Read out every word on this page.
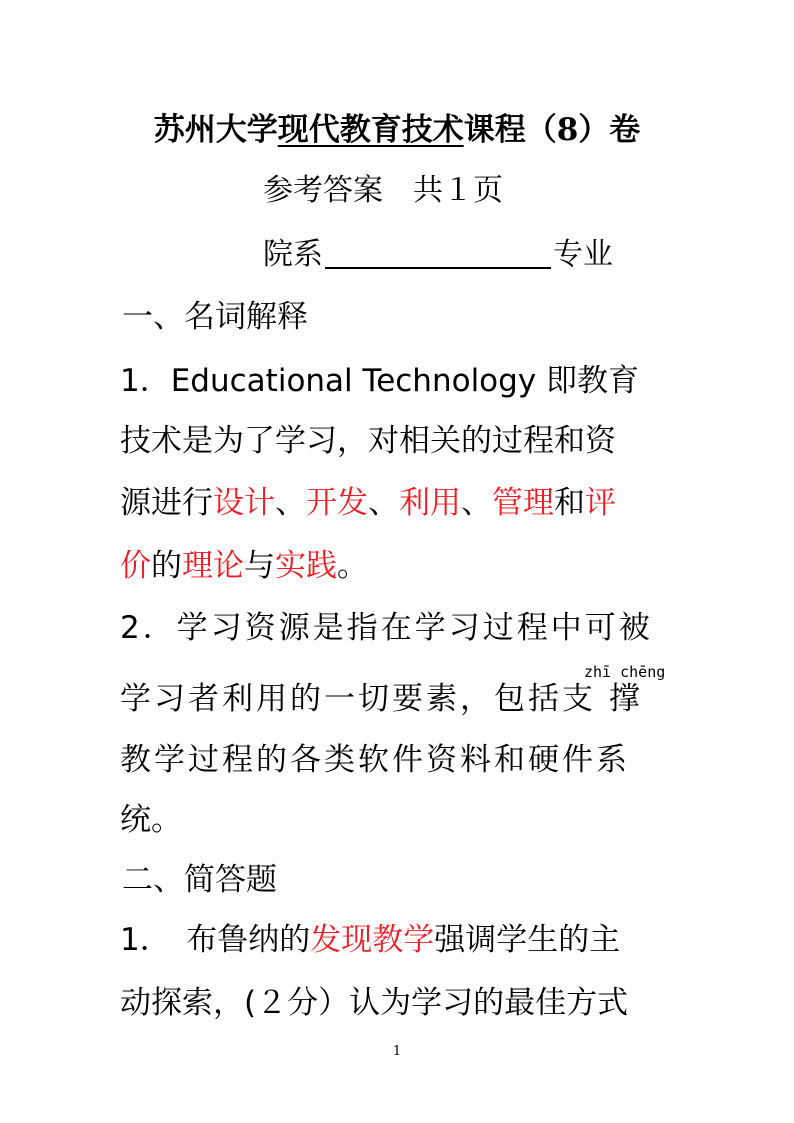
苏州大学现代教育技术课程（8）卷
参考答案　共１页
院系	专业
一、名词解释
1．Educational Technology 即教育
技术是为了学习，对相关的过程和资
源进行设计、开发、利用、管理和评
价的理论与实践。
2．学习资源是指在学习过程中可被
zhī chēng
学习者利用的一切要素，包括支 撑
教学过程的各类软件资料和硬件系
统。
二、简答题
1．　布鲁纳的发现教学强调学生的主
动探索，(２分）认为学习的最佳方式
1
